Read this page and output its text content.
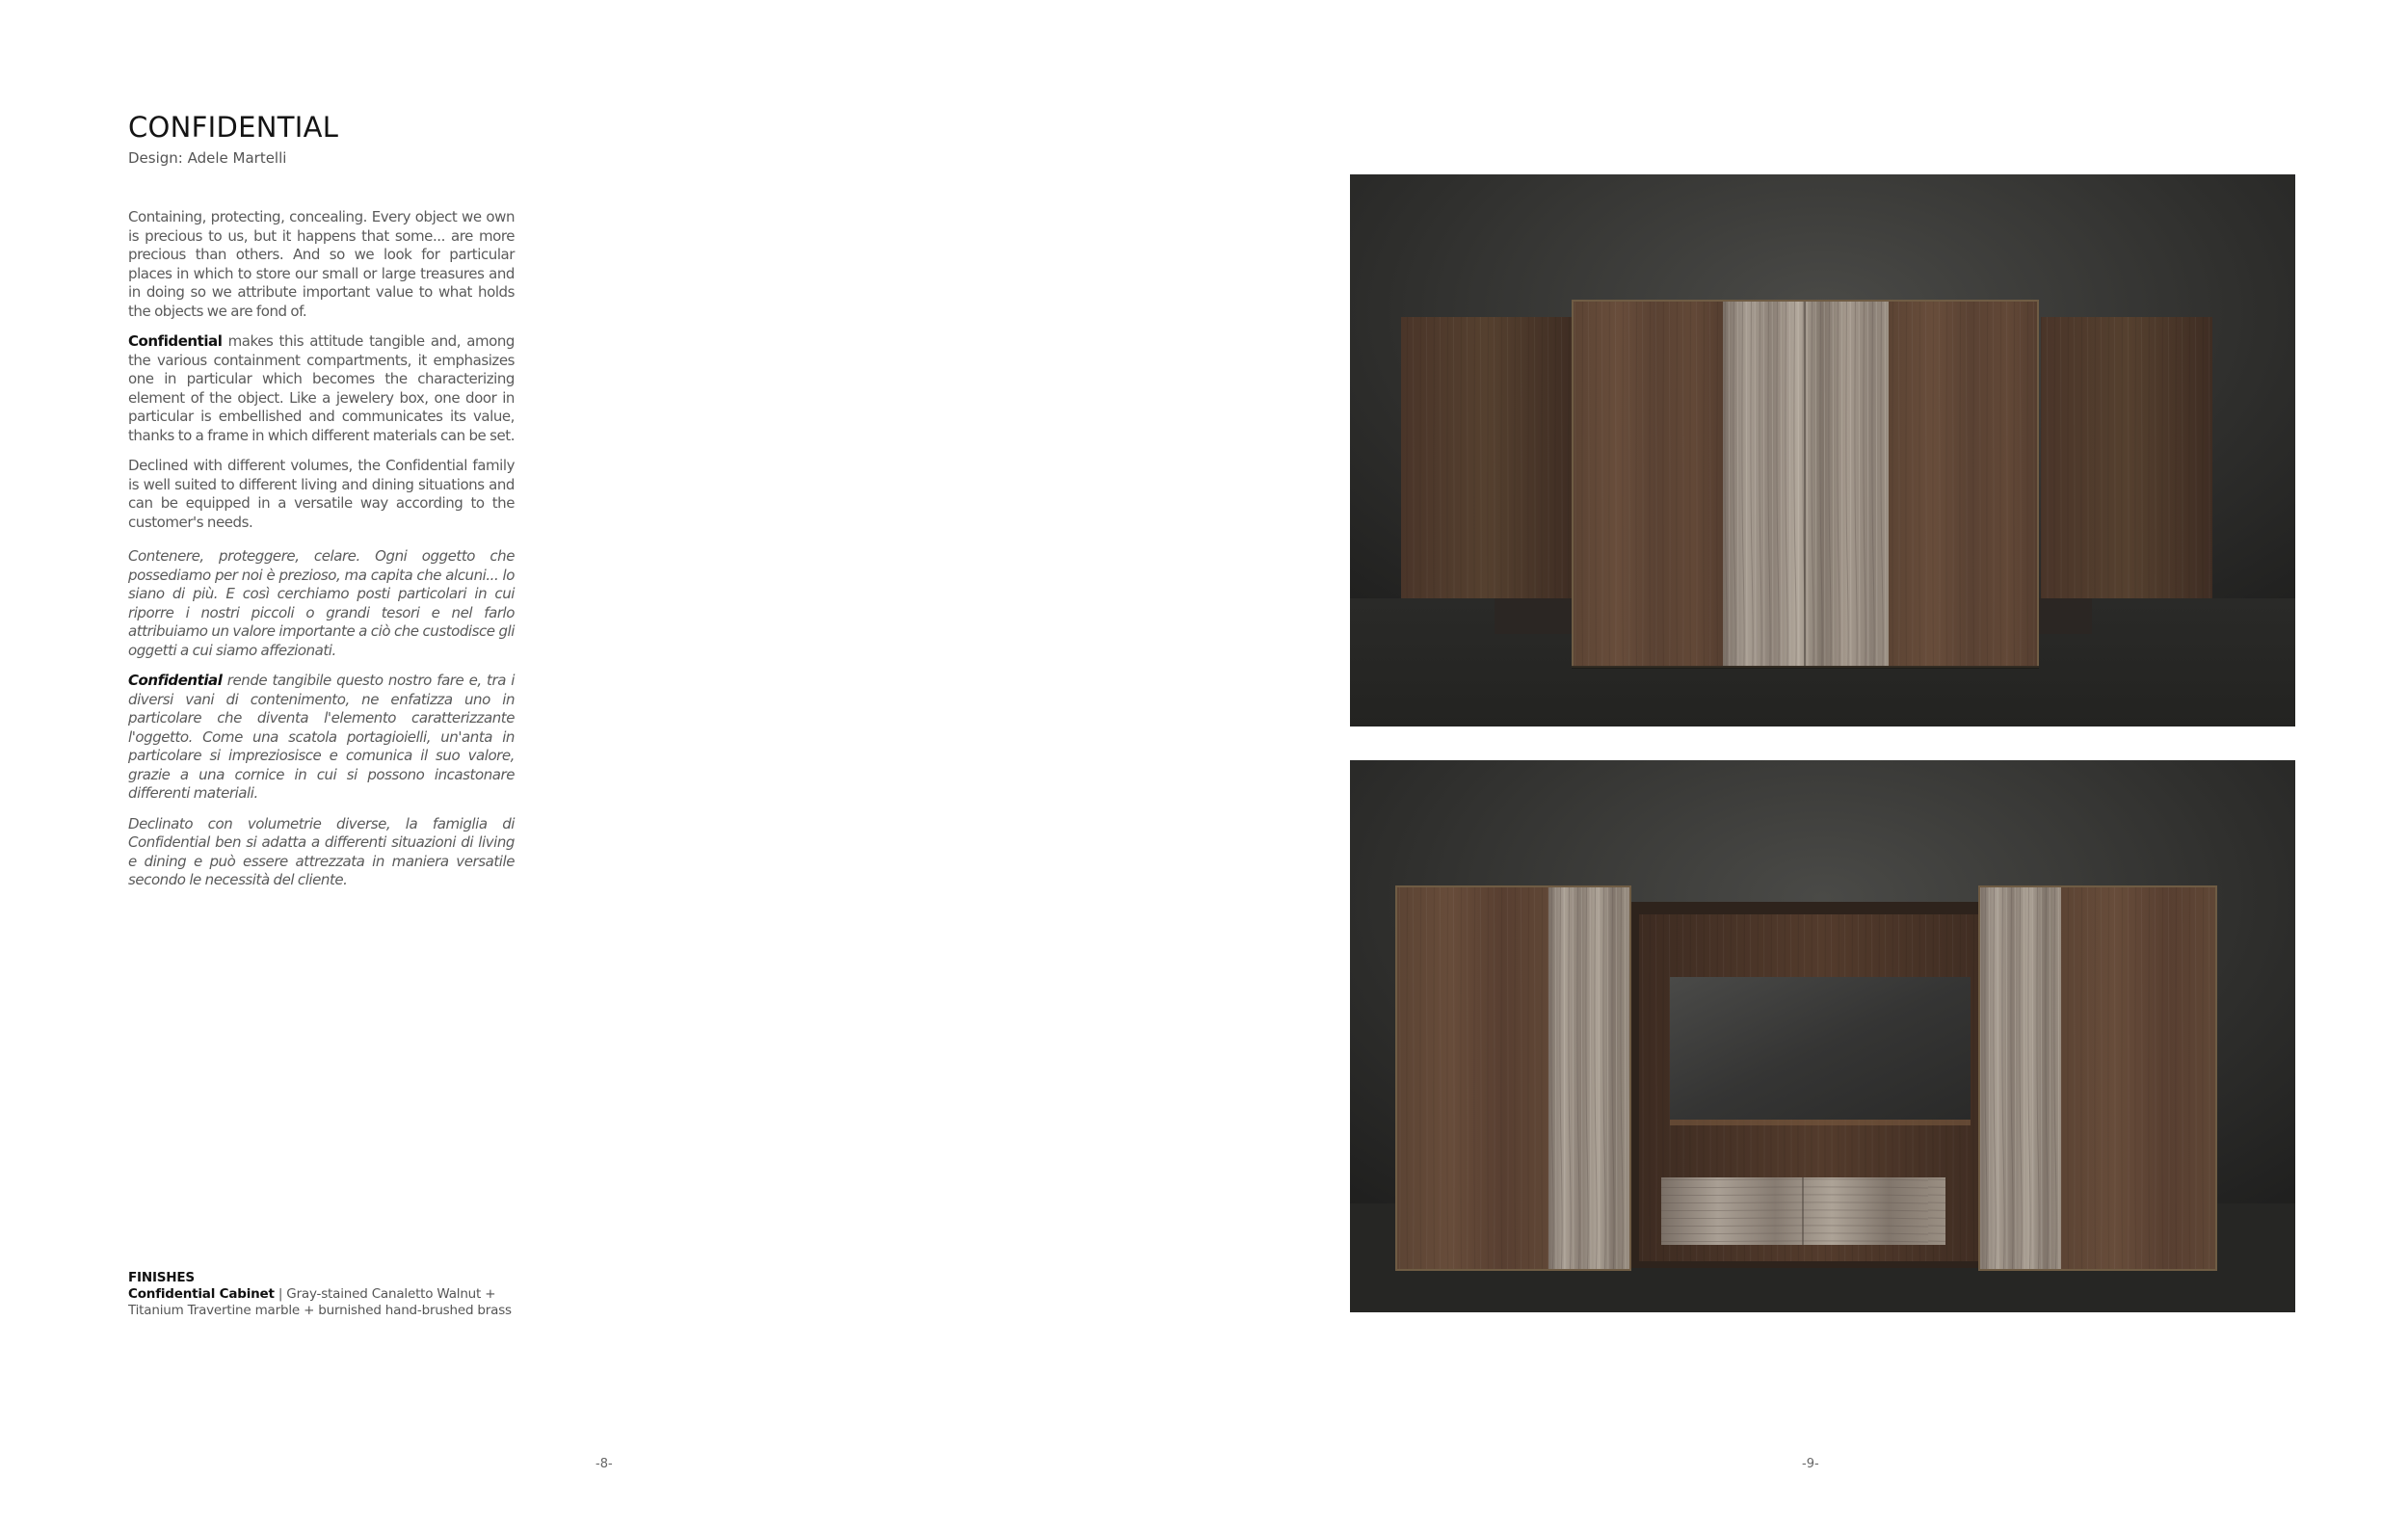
CONFIDENTIAL

Design: Adele Martelli

Containing, protecting, concealing. Every object we own is precious to us, but it happens that some... are more precious than others. And so we look for particular places in which to store our small or large treasures and in doing so we attribute important value to what holds the objects we are fond of.

Confidential makes this attitude tangible and, among the various containment compartments, it emphasizes one in particular which becomes the characterizing element of the object. Like a jewelery box, one door in particular is embellished and communicates its value, thanks to a frame in which different materials can be set.

Declined with different volumes, the Confidential family is well suited to different living and dining situations and can be equipped in a versatile way according to the customer's needs.

Contenere, proteggere, celare. Ogni oggetto che possediamo per noi è prezioso, ma capita che alcuni... lo siano di più. E così cerchiamo posti particolari in cui riporre i nostri piccoli o grandi tesori e nel farlo attribuiamo un valore importante a ciò che custodisce gli oggetti a cui siamo affezionati.

Confidential rende tangibile questo nostro fare e, tra i diversi vani di contenimento, ne enfatizza uno in particolare che diventa l'elemento caratterizzante l'oggetto. Come una scatola portagioielli, un'anta in particolare si impreziosisce e comunica il suo valore, grazie a una cornice in cui si possono incastonare differenti materiali.

Declinato con volumetrie diverse, la famiglia di Confidential ben si adatta a differenti situazioni di living e dining e può essere attrezzata in maniera versatile secondo le necessità del cliente.

FINISHES
Confidential Cabinet | Gray-stained Canaletto Walnut +
Titanium Travertine marble + burnished hand-brushed brass
-8-	-9-
